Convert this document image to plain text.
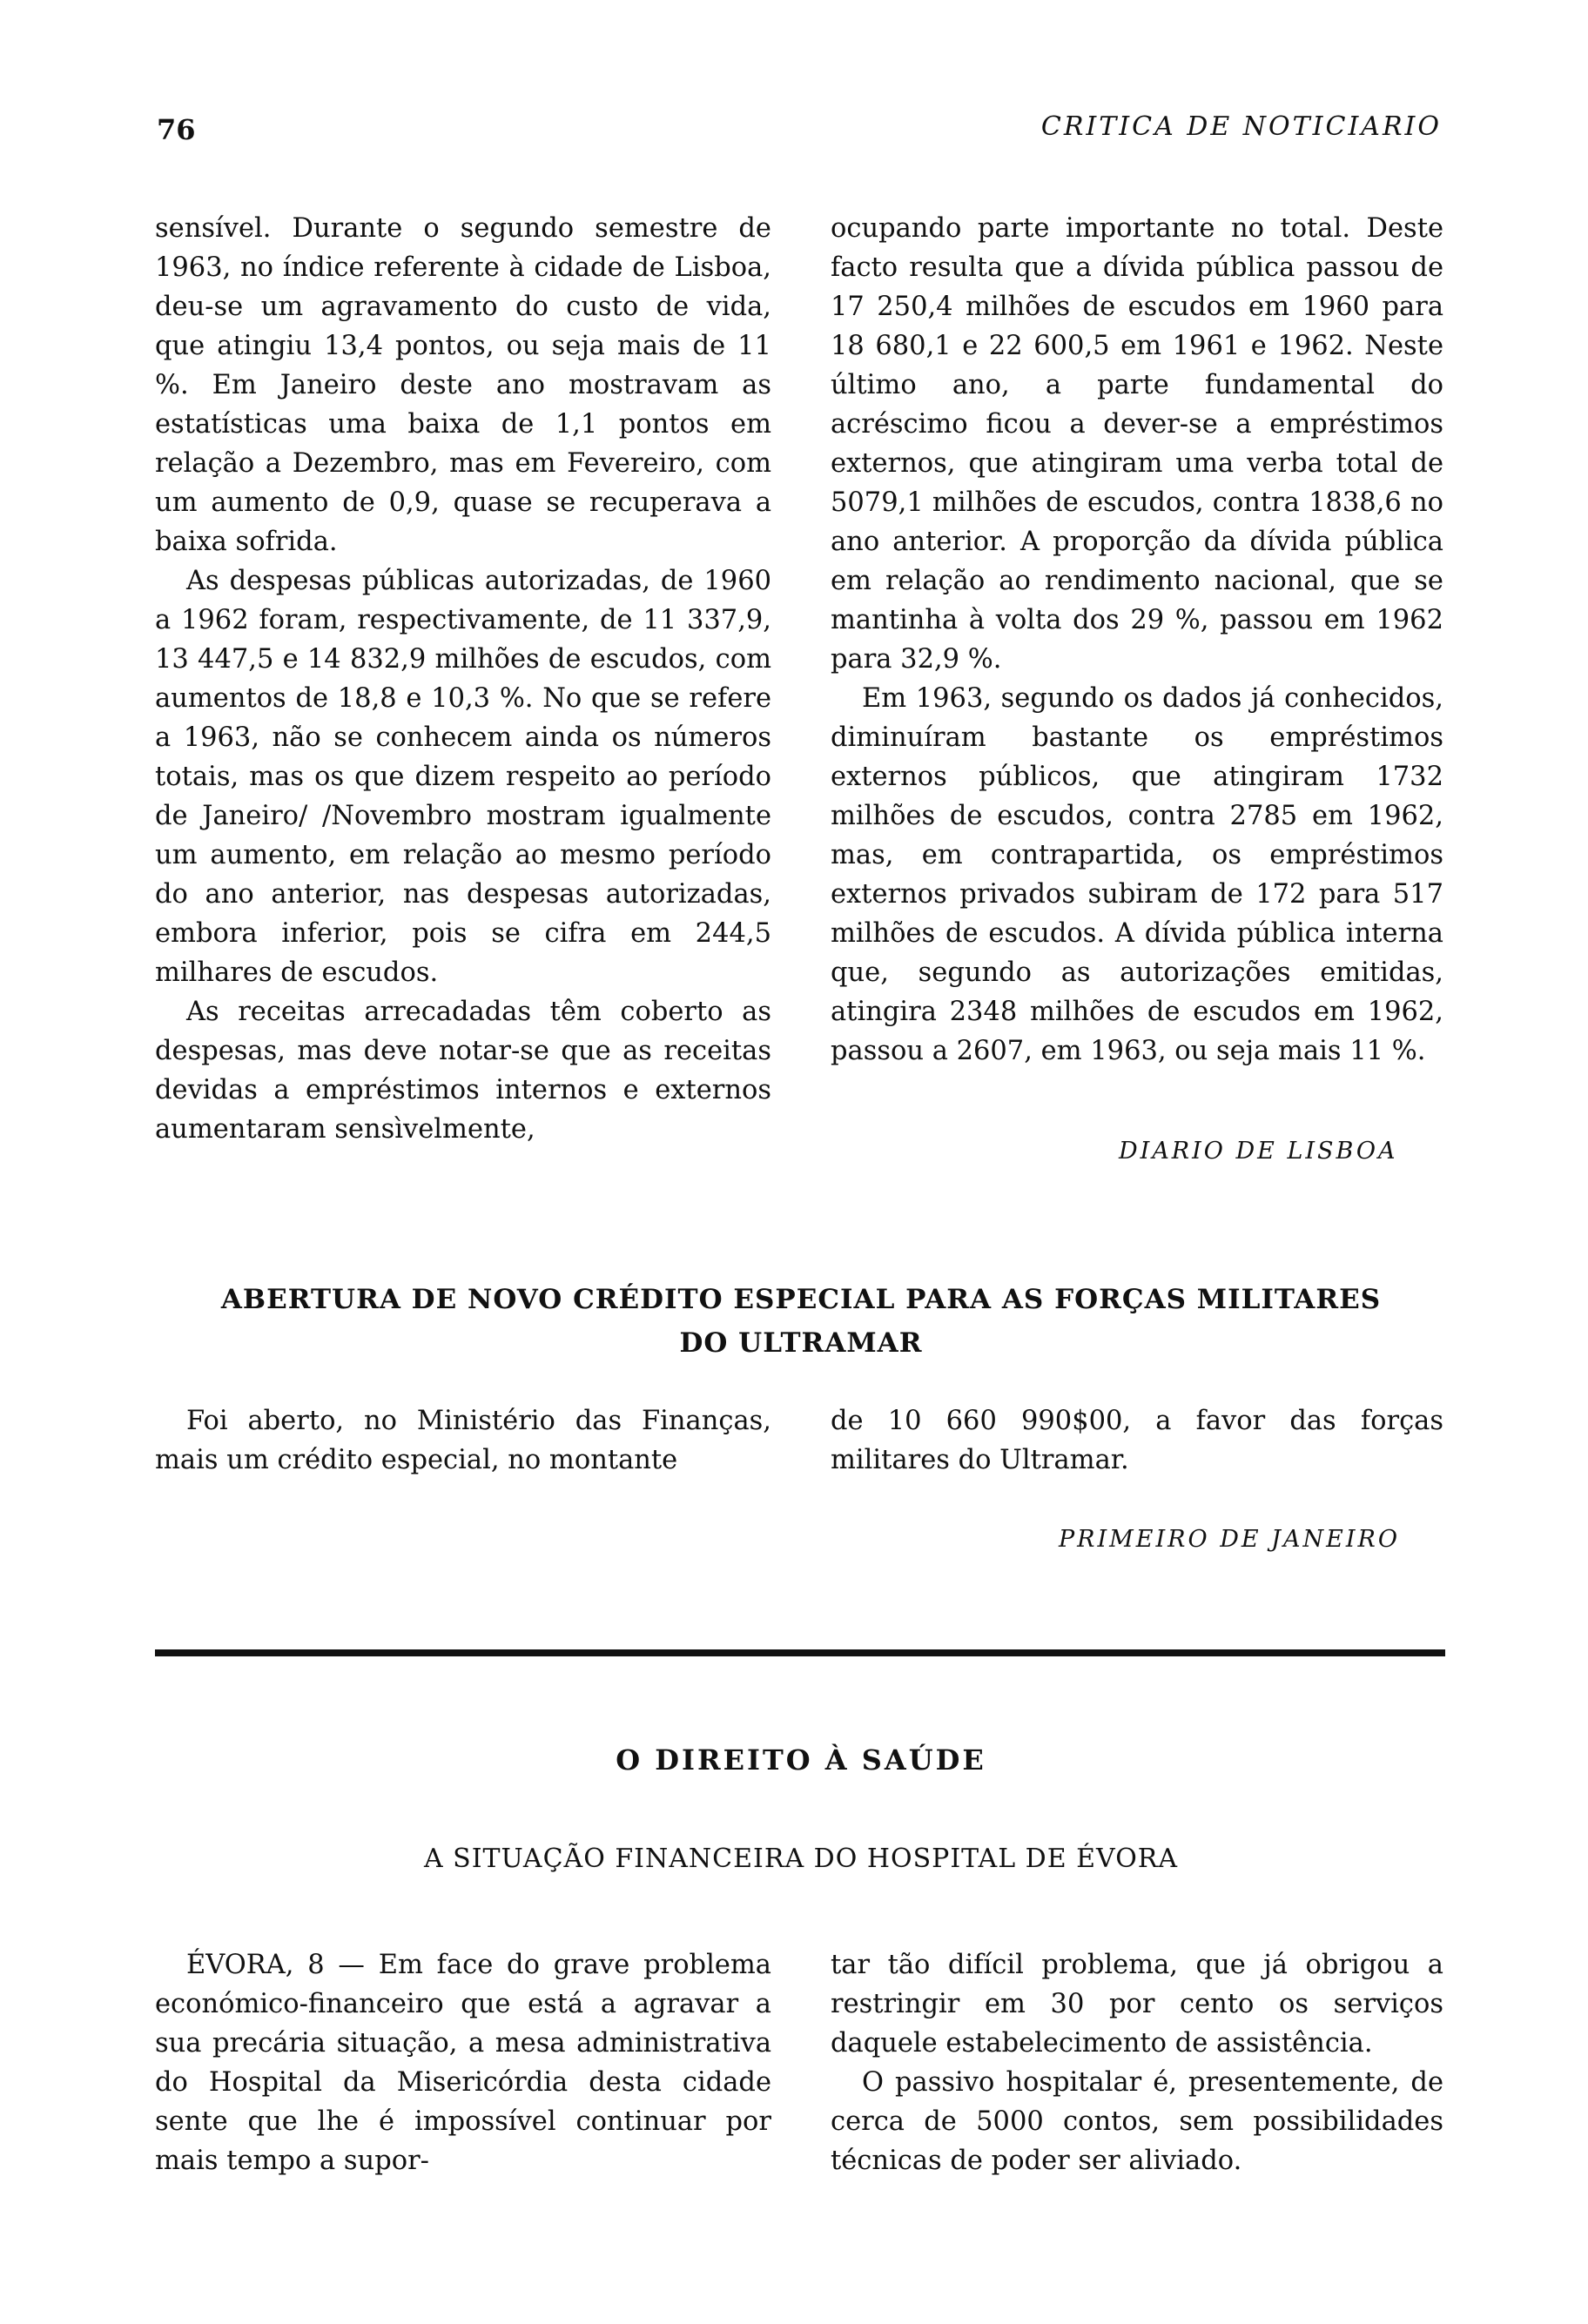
76	CRITICA DE NOTICIARIO

sensível. Durante o segundo semestre de 1963, no índice referente à cidade de Lisboa, deu-se um agravamento do custo de vida, que atingiu 13,4 pontos, ou seja mais de 11 %. Em Janeiro deste ano mostravam as estatísticas uma baixa de 1,1 pontos em relação a Dezembro, mas em Fevereiro, com um aumento de 0,9, quase se recuperava a baixa sofrida.

As despesas públicas autorizadas, de 1960 a 1962 foram, respectivamente, de 11 337,9, 13 447,5 e 14 832,9 milhões de escudos, com aumentos de 18,8 e 10,3 %. No que se refere a 1963, não se conhecem ainda os números totais, mas os que dizem respeito ao período de Janeiro/ /Novembro mostram igualmente um aumento, em relação ao mesmo período do ano anterior, nas despesas autorizadas, embora inferior, pois se cifra em 244,5 milhares de escudos.

As receitas arrecadadas têm coberto as despesas, mas deve notar-se que as receitas devidas a empréstimos internos e externos aumentaram sensìvelmente,

ocupando parte importante no total. Deste facto resulta que a dívida pública passou de 17 250,4 milhões de escudos em 1960 para 18 680,1 e 22 600,5 em 1961 e 1962. Neste último ano, a parte fundamental do acréscimo ficou a dever-se a empréstimos externos, que atingiram uma verba total de 5079,1 milhões de escudos, contra 1838,6 no ano anterior. A proporção da dívida pública em relação ao rendimento nacional, que se mantinha à volta dos 29 %, passou em 1962 para 32,9 %.

Em 1963, segundo os dados já conhecidos, diminuíram bastante os empréstimos externos públicos, que atingiram 1732 milhões de escudos, contra 2785 em 1962, mas, em contrapartida, os empréstimos externos privados subiram de 172 para 517 milhões de escudos. A dívida pública interna que, segundo as autorizações emitidas, atingira 2348 milhões de escudos em 1962, passou a 2607, em 1963, ou seja mais 11 %.

DIARIO DE LISBOA
ABERTURA DE NOVO CRÉDITO ESPECIAL PARA AS FORÇAS MILITARES
DO ULTRAMAR

Foi aberto, no Ministério das Finanças, mais um crédito especial, no montante

de 10 660 990$00, a favor das forças militares do Ultramar.

PRIMEIRO DE JANEIRO
O DIREITO À SAÚDE
A SITUAÇÃO FINANCEIRA DO HOSPITAL DE ÉVORA

ÉVORA, 8 — Em face do grave problema económico-financeiro que está a agravar a sua precária situação, a mesa administrativa do Hospital da Misericórdia desta cidade sente que lhe é impossível continuar por mais tempo a supor-

tar tão difícil problema, que já obrigou a restringir em 30 por cento os serviços daquele estabelecimento de assistência.

O passivo hospitalar é, presentemente, de cerca de 5000 contos, sem possibilidades técnicas de poder ser aliviado.
